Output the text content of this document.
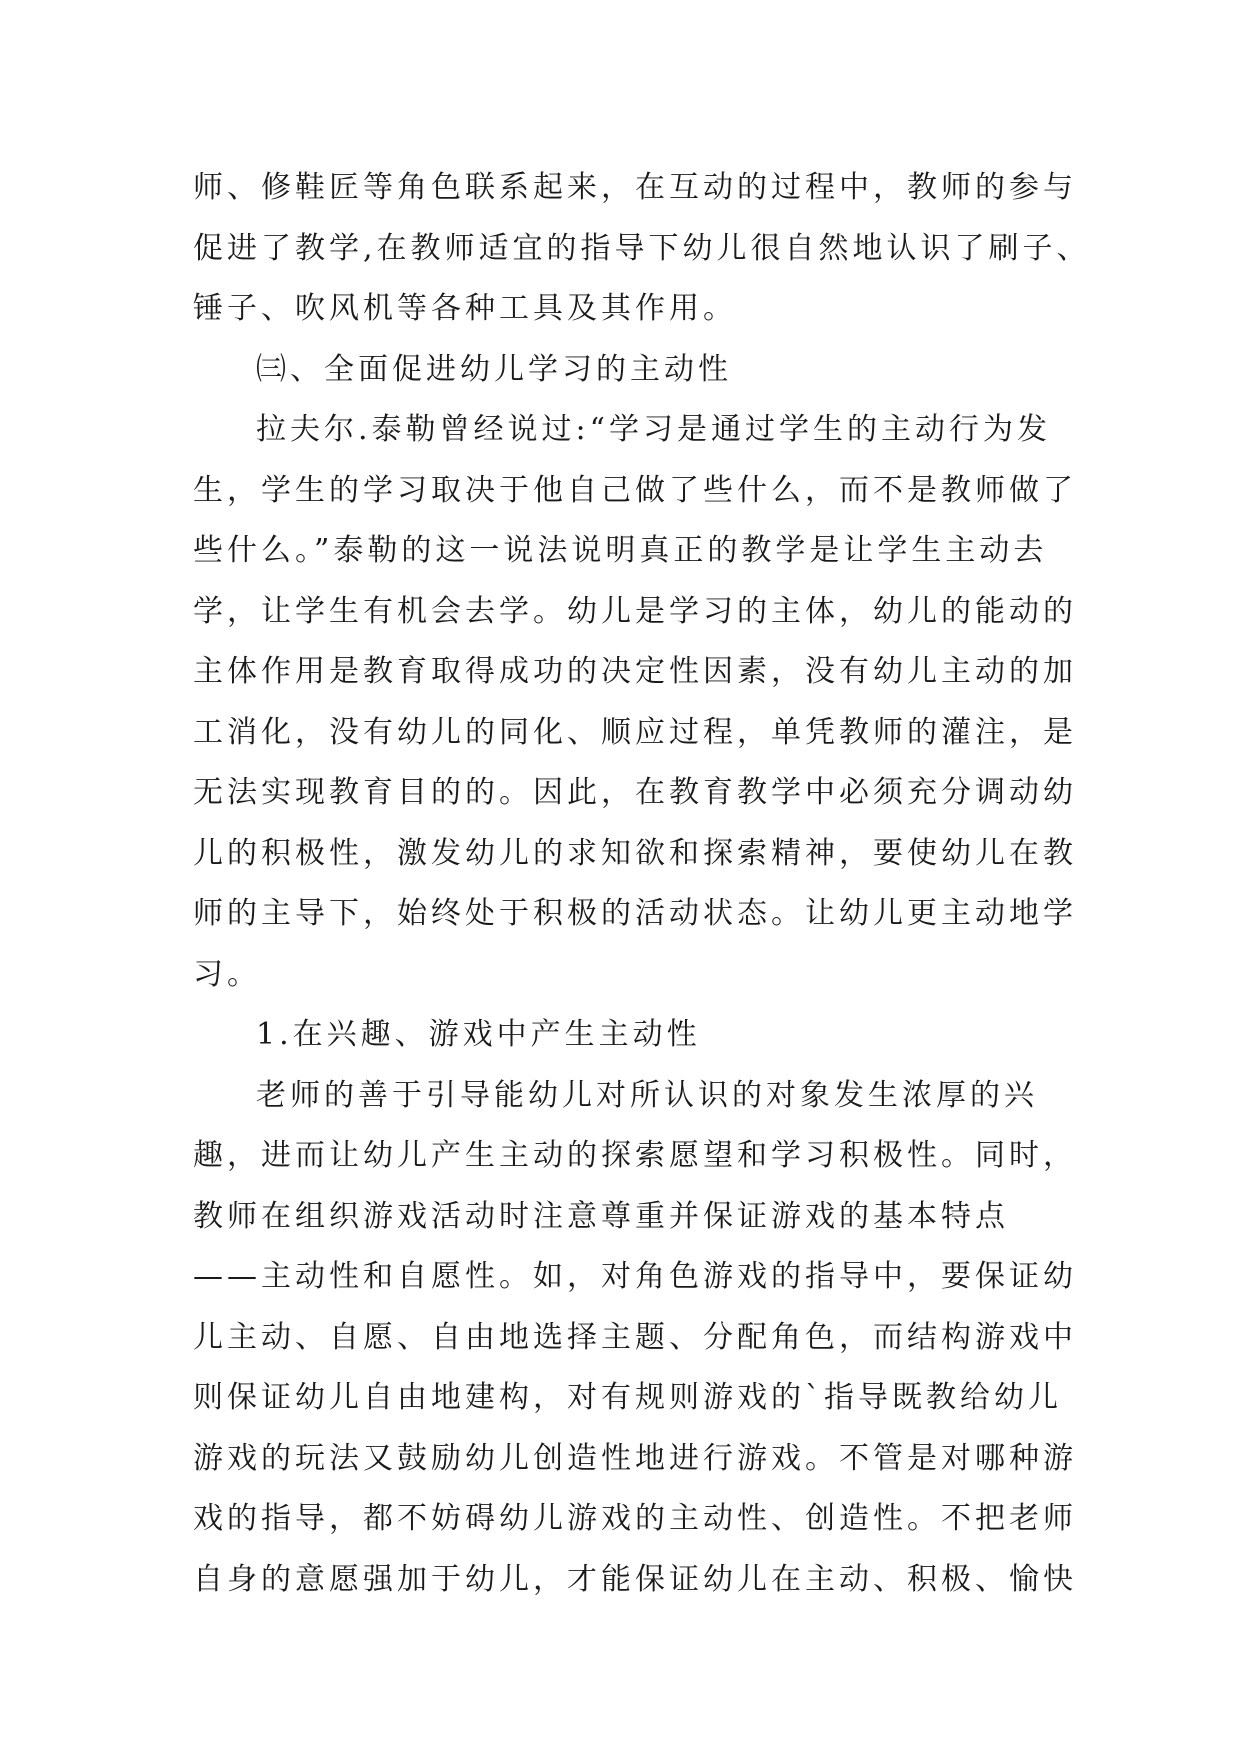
师、修鞋匠等角色联系起来，在互动的过程中，教师的参与
促进了教学,在教师适宜的指导下幼儿很自然地认识了刷子、
锤子、吹风机等各种工具及其作用。
㈢、全面促进幼儿学习的主动性
拉夫尔.泰勒曾经说过:“学习是通过学生的主动行为发
生，学生的学习取决于他自己做了些什么，而不是教师做了
些什么。”泰勒的这一说法说明真正的教学是让学生主动去
学，让学生有机会去学。幼儿是学习的主体，幼儿的能动的
主体作用是教育取得成功的决定性因素，没有幼儿主动的加
工消化，没有幼儿的同化、顺应过程，单凭教师的灌注，是
无法实现教育目的的。因此，在教育教学中必须充分调动幼
儿的积极性，激发幼儿的求知欲和探索精神，要使幼儿在教
师的主导下，始终处于积极的活动状态。让幼儿更主动地学
习。
1.在兴趣、游戏中产生主动性
老师的善于引导能幼儿对所认识的对象发生浓厚的兴
趣，进而让幼儿产生主动的探索愿望和学习积极性。同时，
教师在组织游戏活动时注意尊重并保证游戏的基本特点
——主动性和自愿性。如，对角色游戏的指导中，要保证幼
儿主动、自愿、自由地选择主题、分配角色，而结构游戏中
则保证幼儿自由地建构，对有规则游戏的`指导既教给幼儿
游戏的玩法又鼓励幼儿创造性地进行游戏。不管是对哪种游
戏的指导，都不妨碍幼儿游戏的主动性、创造性。不把老师
自身的意愿强加于幼儿，才能保证幼儿在主动、积极、愉快
